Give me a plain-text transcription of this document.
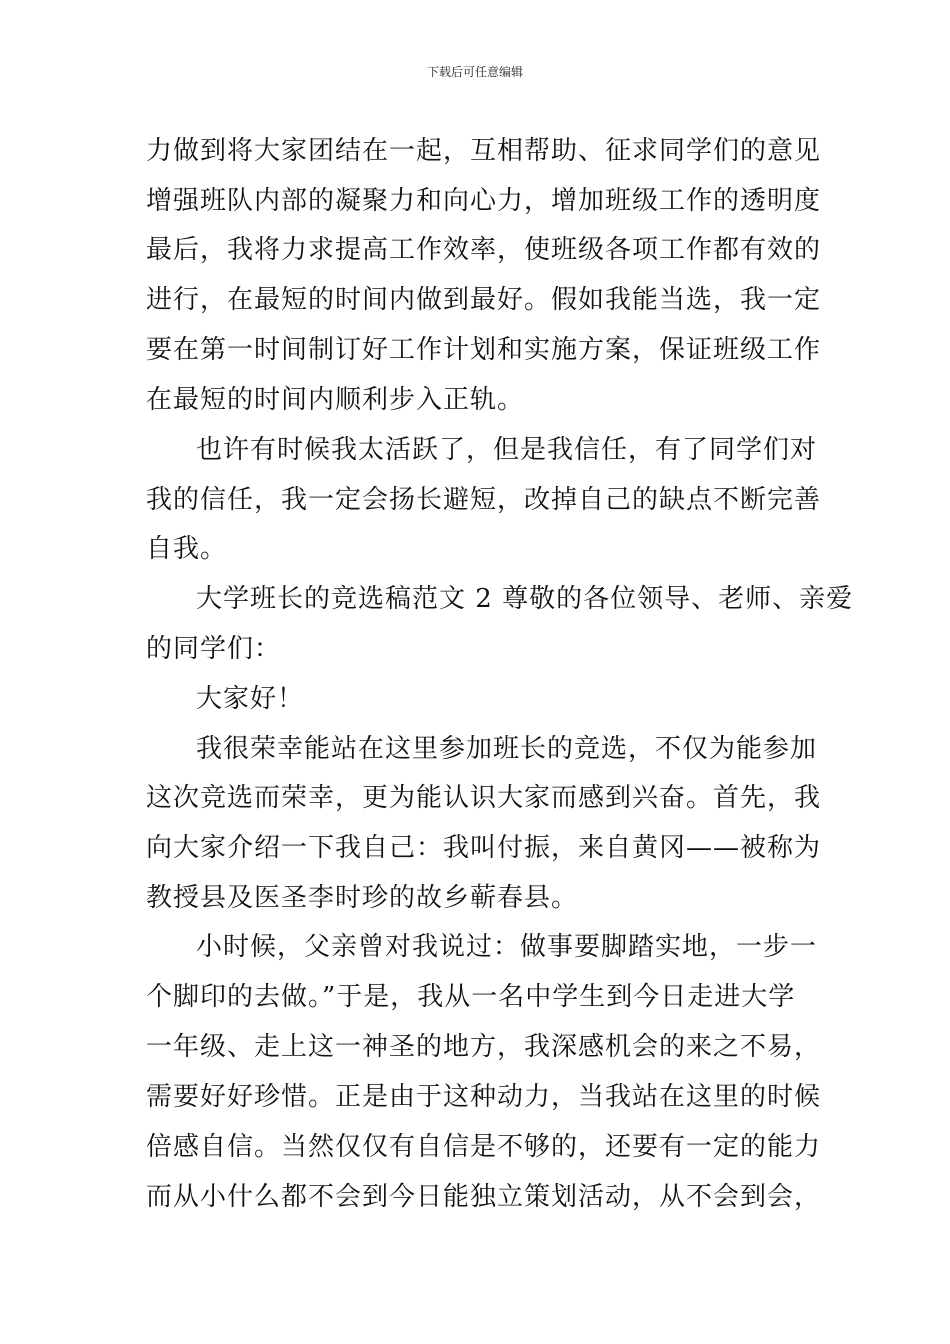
下载后可任意编辑
力做到将大家团结在一起，互相帮助、征求同学们的意见
增强班队内部的凝聚力和向心力，增加班级工作的透明度
最后，我将力求提高工作效率，使班级各项工作都有效的
进行，在最短的时间内做到最好。假如我能当选，我一定
要在第一时间制订好工作计划和实施方案，保证班级工作
在最短的时间内顺利步入正轨。
也许有时候我太活跃了，但是我信任，有了同学们对
我的信任，我一定会扬长避短，改掉自己的缺点不断完善
自我。
大学班长的竞选稿范文 2 尊敬的各位领导、老师、亲爱
的同学们：
大家好！
我很荣幸能站在这里参加班长的竞选，不仅为能参加
这次竞选而荣幸，更为能认识大家而感到兴奋。首先，我
向大家介绍一下我自己：我叫付振，来自黄冈——被称为
教授县及医圣李时珍的故乡蕲春县。
小时候，父亲曾对我说过：做事要脚踏实地，一步一
个脚印的去做。”于是，我从一名中学生到今日走进大学
一年级、走上这一神圣的地方，我深感机会的来之不易，
需要好好珍惜。正是由于这种动力，当我站在这里的时候
倍感自信。当然仅仅有自信是不够的，还要有一定的能力
而从小什么都不会到今日能独立策划活动，从不会到会，
